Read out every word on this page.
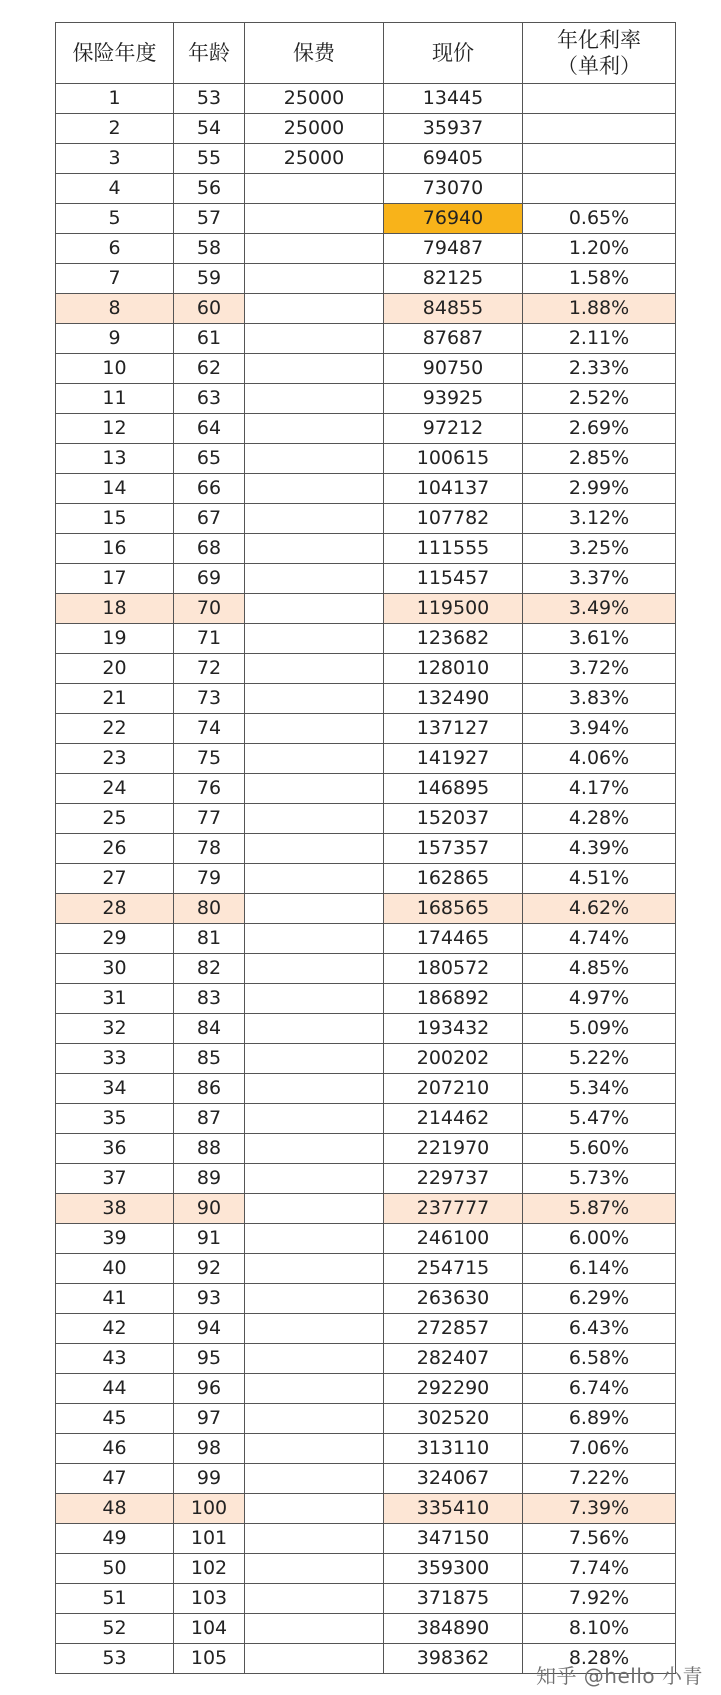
保险年度	年龄	保费	现价	年化利率
（单利）

1	53	25000	13445	
2	54	25000	35937	
3	55	25000	69405	
4	56		73070	
5	57		76940	0.65%
6	58		79487	1.20%
7	59		82125	1.58%
8	60		84855	1.88%
9	61		87687	2.11%
10	62		90750	2.33%
11	63		93925	2.52%
12	64		97212	2.69%
13	65		100615	2.85%
14	66		104137	2.99%
15	67		107782	3.12%
16	68		111555	3.25%
17	69		115457	3.37%
18	70		119500	3.49%
19	71		123682	3.61%
20	72		128010	3.72%
21	73		132490	3.83%
22	74		137127	3.94%
23	75		141927	4.06%
24	76		146895	4.17%
25	77		152037	4.28%
26	78		157357	4.39%
27	79		162865	4.51%
28	80		168565	4.62%
29	81		174465	4.74%
30	82		180572	4.85%
31	83		186892	4.97%
32	84		193432	5.09%
33	85		200202	5.22%
34	86		207210	5.34%
35	87		214462	5.47%
36	88		221970	5.60%
37	89		229737	5.73%
38	90		237777	5.87%
39	91		246100	6.00%
40	92		254715	6.14%
41	93		263630	6.29%
42	94		272857	6.43%
43	95		282407	6.58%
44	96		292290	6.74%
45	97		302520	6.89%
46	98		313110	7.06%
47	99		324067	7.22%
48	100		335410	7.39%
49	101		347150	7.56%
50	102		359300	7.74%
51	103		371875	7.92%
52	104		384890	8.10%
53	105		398362	8.28%
知乎 @hello 小青
